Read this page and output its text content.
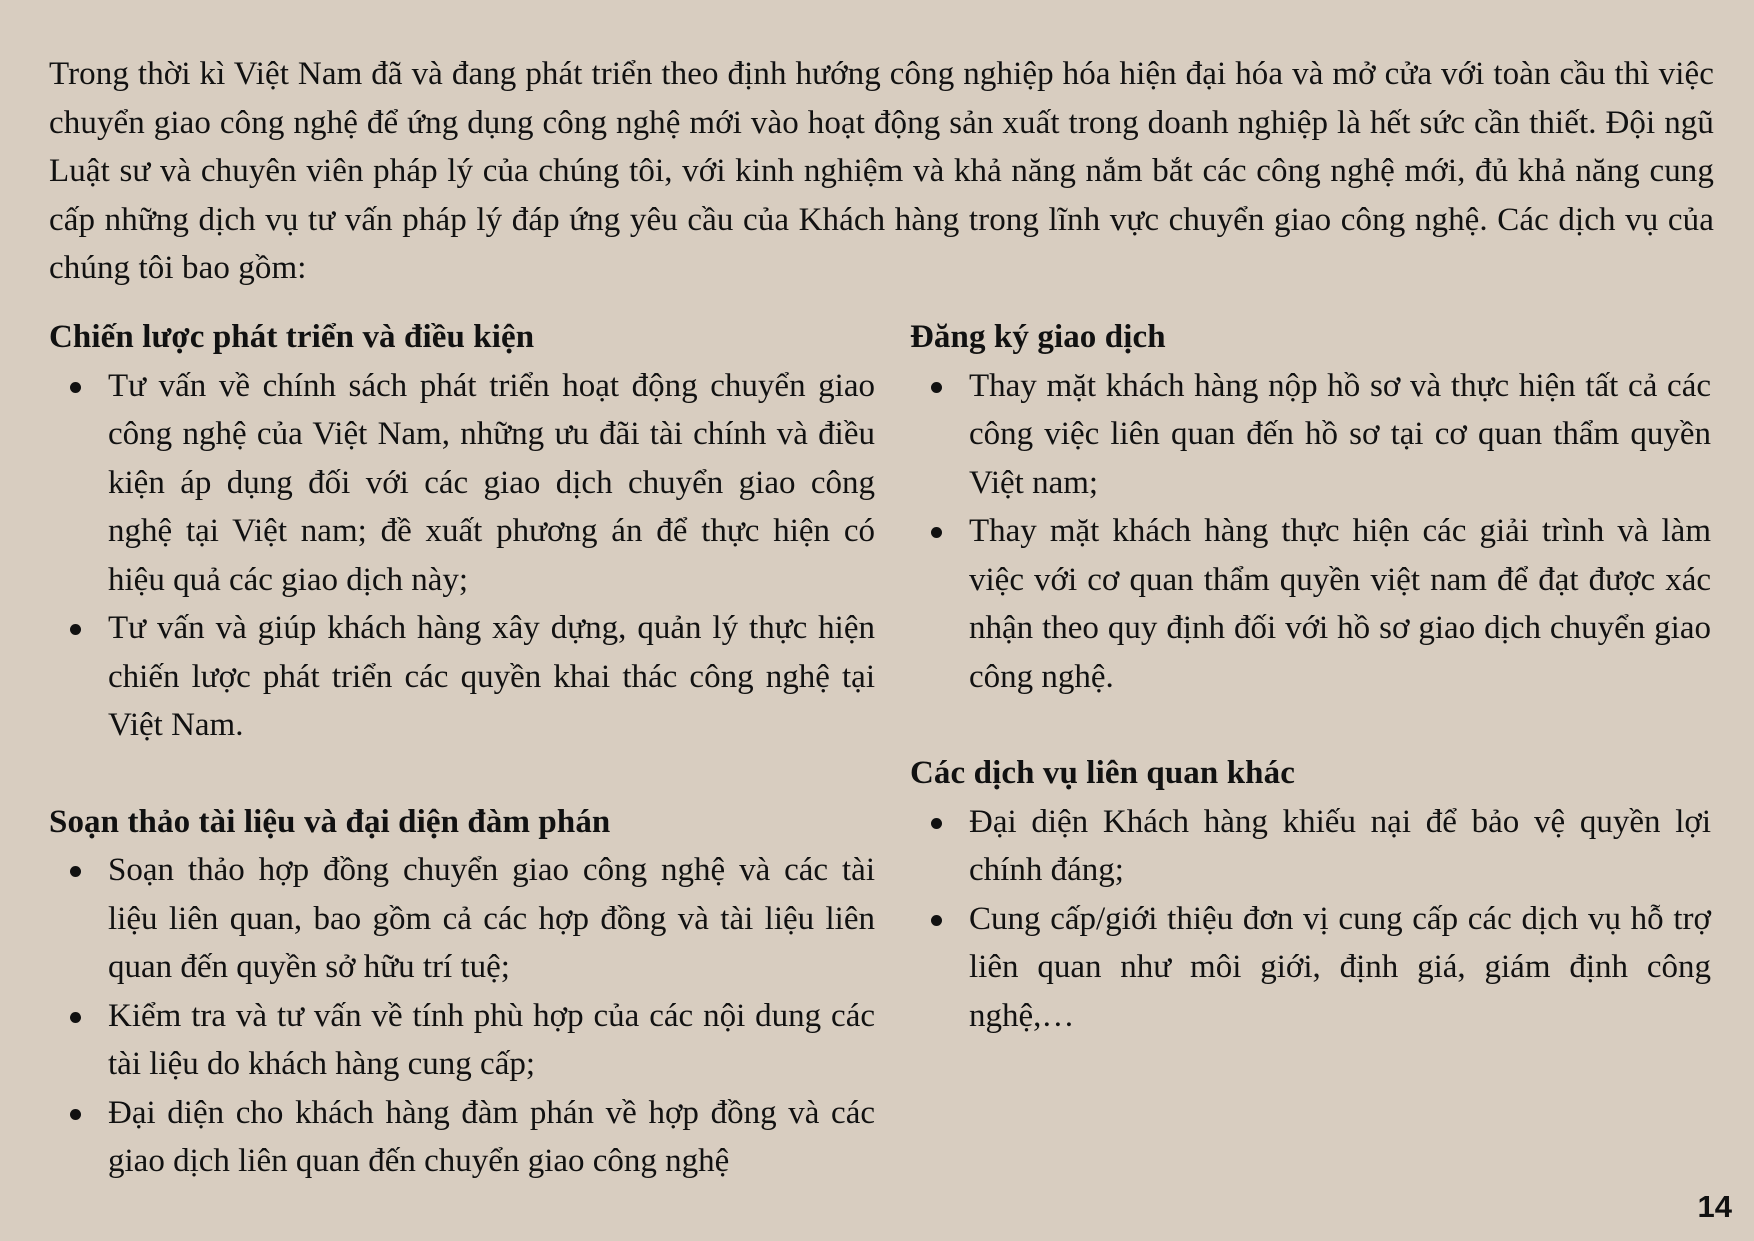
Trong thời kì Việt Nam đã và đang phát triển theo định hướng công nghiệp hóa hiện đại hóa và mở cửa với toàn cầu thì việc chuyển giao công nghệ để ứng dụng công nghệ mới vào hoạt động sản xuất trong doanh nghiệp là hết sức cần thiết. Đội ngũ Luật sư và chuyên viên pháp lý của chúng tôi, với kinh nghiệm và khả năng nắm bắt các công nghệ mới, đủ khả năng cung cấp những dịch vụ tư vấn pháp lý đáp ứng yêu cầu của Khách hàng trong lĩnh vực chuyển giao công nghệ. Các dịch vụ của chúng tôi bao gồm:

Chiến lược phát triển và điều kiện
Tư vấn về chính sách phát triển hoạt động chuyển giao công nghệ của Việt Nam, những ưu đãi tài chính và điều kiện áp dụng đối với các giao dịch chuyển giao công nghệ tại Việt nam; đề xuất phương án để thực hiện có hiệu quả các giao dịch này;
Tư vấn và giúp khách hàng xây dựng, quản lý thực hiện chiến lược phát triển các quyền khai thác công nghệ tại Việt Nam.
Soạn thảo tài liệu và đại diện đàm phán
Soạn thảo hợp đồng chuyển giao công nghệ và các tài liệu liên quan, bao gồm cả các hợp đồng và tài liệu liên quan đến quyền sở hữu trí tuệ;
Kiểm tra và tư vấn về tính phù hợp của các nội dung các tài liệu do khách hàng cung cấp;
Đại diện cho khách hàng đàm phán về hợp đồng và các giao dịch liên quan đến chuyển giao công nghệ
Đăng ký giao dịch
Thay mặt khách hàng nộp hồ sơ và thực hiện tất cả các công việc liên quan đến hồ sơ tại cơ quan thẩm quyền Việt nam;
Thay mặt khách hàng thực hiện các giải trình và làm việc với cơ quan thẩm quyền việt nam để đạt được xác nhận theo quy định đối với hồ sơ giao dịch chuyển giao công nghệ.
Các dịch vụ liên quan khác
Đại diện Khách hàng khiếu nại để bảo vệ quyền lợi chính đáng;
Cung cấp/giới thiệu đơn vị cung cấp các dịch vụ hỗ trợ liên quan như môi giới, định giá, giám định công nghệ,…
14
